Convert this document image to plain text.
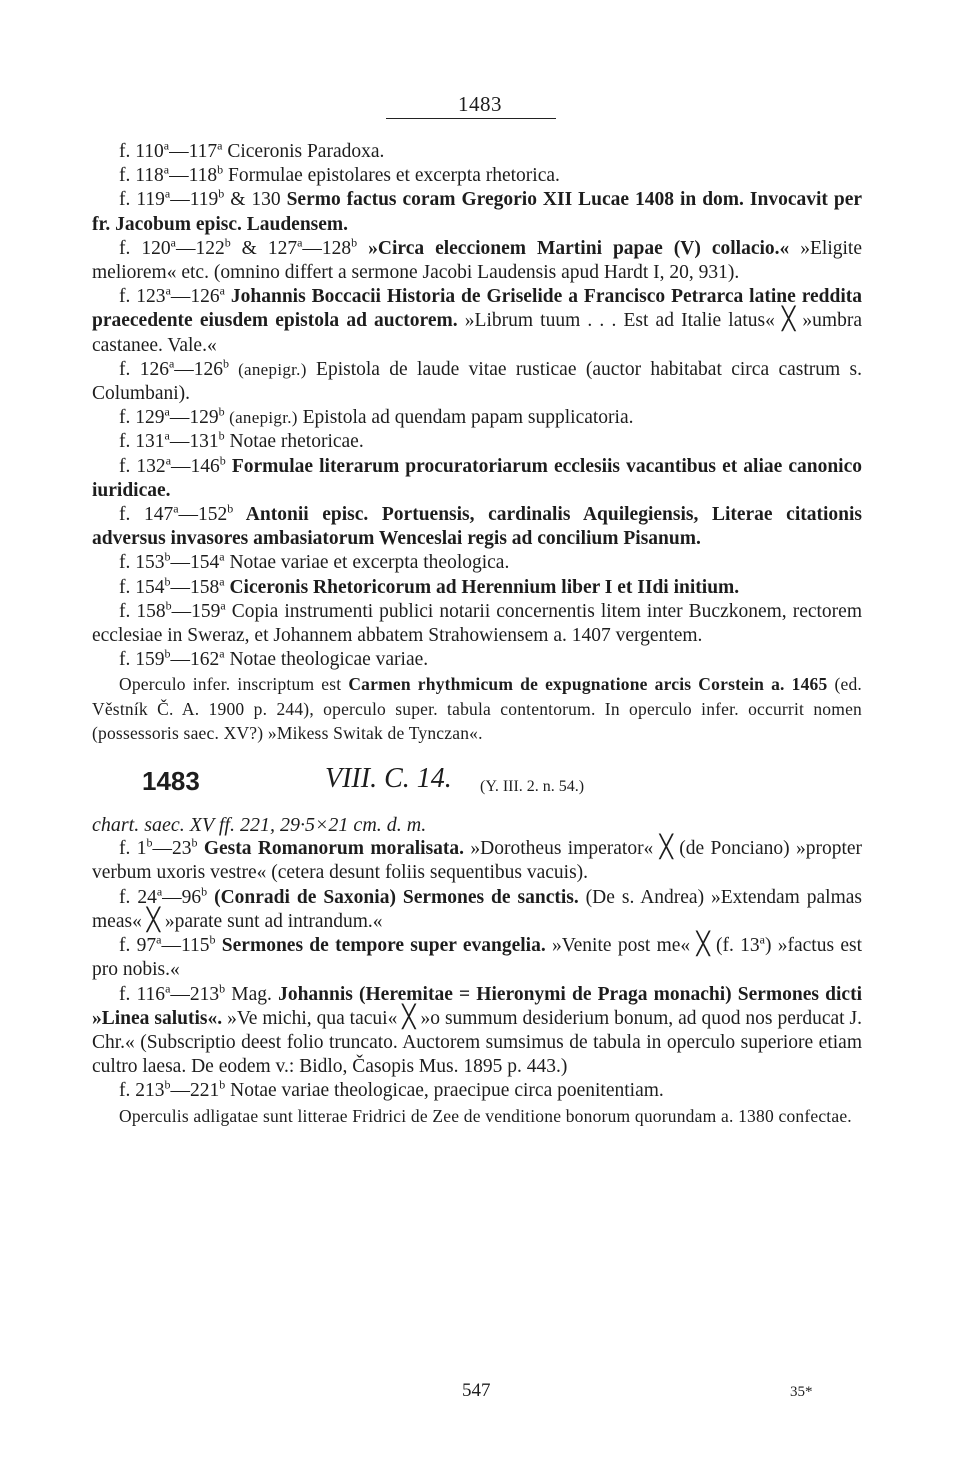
1483

f. 110$^a$—117$^a$ Ciceronis Paradoxa.

f. 118$^a$—118$^b$ Formulae epistolares et excerpta rhetorica.

f. 119$^a$—119$^b$ & 130 Sermo factus coram Gregorio XII Lucae 1408 in dom. Invocavit per fr. Jacobum episc. Laudensem.

f. 120$^a$—122$^b$ & 127$^a$—128$^b$ »Circa eleccionem Martini papae (V) collacio.« »Eligite meliorem« etc. (omnino differt a sermone Jacobi Laudensis apud Hardt I, 20, 931).

f. 123$^a$—126$^a$ Johannis Boccacii Historia de Griselide a Francisco Petrarca latine reddita praecedente eiusdem epistola ad auctorem. »Librum tuum . . . Est ad Italie latus« ╳ »umbra castanee. Vale.«

f. 126$^a$—126$^b$ (anepigr.) Epistola de laude vitae rusticae (auctor habitabat circa castrum s. Columbani).

f. 129$^a$—129$^b$ (anepigr.) Epistola ad quendam papam supplicatoria.

f. 131$^a$—131$^b$ Notae rhetoricae.

f. 132$^a$—146$^b$ Formulae literarum procuratoriarum ecclesiis vacantibus et aliae canonico iuridicae.

f. 147$^a$—152$^b$ Antonii episc. Portuensis, cardinalis Aquilegiensis, Literae citationis adversus invasores ambasiatorum Wenceslai regis ad concilium Pisanum.

f. 153$^b$—154$^a$ Notae variae et excerpta theologica.

f. 154$^b$—158$^a$ Ciceronis Rhetoricorum ad Herennium liber I et IIdi initium.

f. 158$^b$—159$^a$ Copia instrumenti publici notarii concernentis litem inter Buczkonem, rectorem ecclesiae in Sweraz, et Johannem abbatem Strahowiensem a. 1407 vergentem.

f. 159$^b$—162$^a$ Notae theologicae variae.

Operculo infer. inscriptum est Carmen rhythmicum de expugnatione arcis Corstein a. 1465 (ed. Věstník Č. A. 1900 p. 244), operculo super. tabula contentorum. In operculo infer. occurrit nomen (possessoris saec. XV?) »Mikess Switak de Tynczan«.

1483	VIII. C. 14. (Y. III. 2. n. 54.)

chart. saec. XV ff. 221, 29·5×21 cm. d. m.

f. 1$^b$—23$^b$ Gesta Romanorum moralisata. »Dorotheus imperator« ╳ (de Ponciano) »propter verbum uxoris vestre« (cetera desunt foliis sequentibus vacuis).

f. 24$^a$—96$^b$ (Conradi de Saxonia) Sermones de sanctis. (De s. Andrea) »Extendam palmas meas« ╳ »parate sunt ad intrandum.«

f. 97$^a$—115$^b$ Sermones de tempore super evangelia. »Venite post me« ╳ (f. 13$^a$) »factus est pro nobis.«

f. 116$^a$—213$^b$ Mag. Johannis (Heremitae = Hieronymi de Praga monachi) Sermones dicti »Linea salutis«. »Ve michi, qua tacui« ╳ »o summum desiderium bonum, ad quod nos perducat J. Chr.« (Subscriptio deest folio truncato. Auctorem sumsimus de tabula in operculo superiore etiam cultro laesa. De eodem v.: Bidlo, Časopis Mus. 1895 p. 443.)

f. 213$^b$—221$^b$ Notae variae theologicae, praecipue circa poenitentiam.

Operculis adligatae sunt litterae Fridrici de Zee de venditione bonorum quorundam a. 1380 confectae.

547	35*
